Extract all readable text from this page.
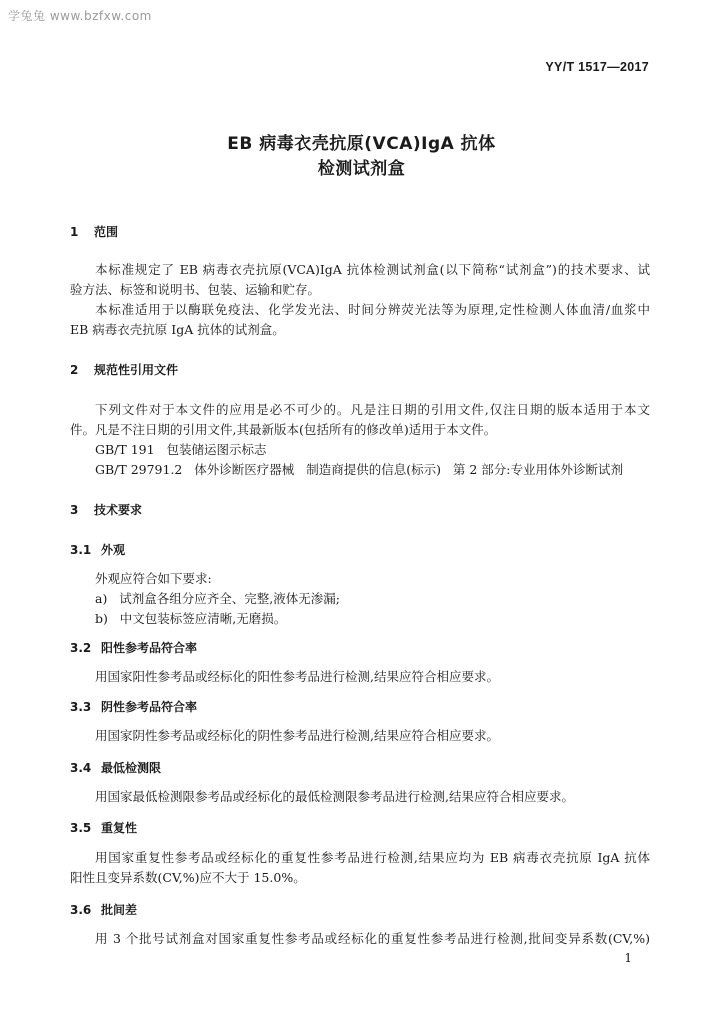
学兔兔 www.bzfxw.com
YY/T 1517—2017
EB 病毒衣壳抗原(VCA)IgA 抗体
检测试剂盒
1 范围
本标准规定了 EB 病毒衣壳抗原(VCA)IgA 抗体检测试剂盒(以下简称“试剂盒”)的技术要求、试
验方法、标签和说明书、包装、运输和贮存。
本标准适用于以酶联免疫法、化学发光法、时间分辨荧光法等为原理,定性检测人体血清/血浆中
EB 病毒衣壳抗原 IgA 抗体的试剂盒。
2 规范性引用文件
下列文件对于本文件的应用是必不可少的。凡是注日期的引用文件,仅注日期的版本适用于本文
件。凡是不注日期的引用文件,其最新版本(包括所有的修改单)适用于本文件。
GB/T 191   包装储运图示标志
GB/T 29791.2   体外诊断医疗器械   制造商提供的信息(标示)   第 2 部分:专业用体外诊断试剂
3 技术要求
3.1 外观
外观应符合如下要求:
a)   试剂盒各组分应齐全、完整,液体无渗漏;
b)   中文包装标签应清晰,无磨损。
3.2 阳性参考品符合率
用国家阳性参考品或经标化的阳性参考品进行检测,结果应符合相应要求。
3.3 阴性参考品符合率
用国家阴性参考品或经标化的阴性参考品进行检测,结果应符合相应要求。
3.4 最低检测限
用国家最低检测限参考品或经标化的最低检测限参考品进行检测,结果应符合相应要求。
3.5 重复性
用国家重复性参考品或经标化的重复性参考品进行检测,结果应均为 EB 病毒衣壳抗原 IgA 抗体
阳性且变异系数(CV,%)应不大于 15.0%。
3.6 批间差
用 3 个批号试剂盒对国家重复性参考品或经标化的重复性参考品进行检测,批间变异系数(CV,%)
1
